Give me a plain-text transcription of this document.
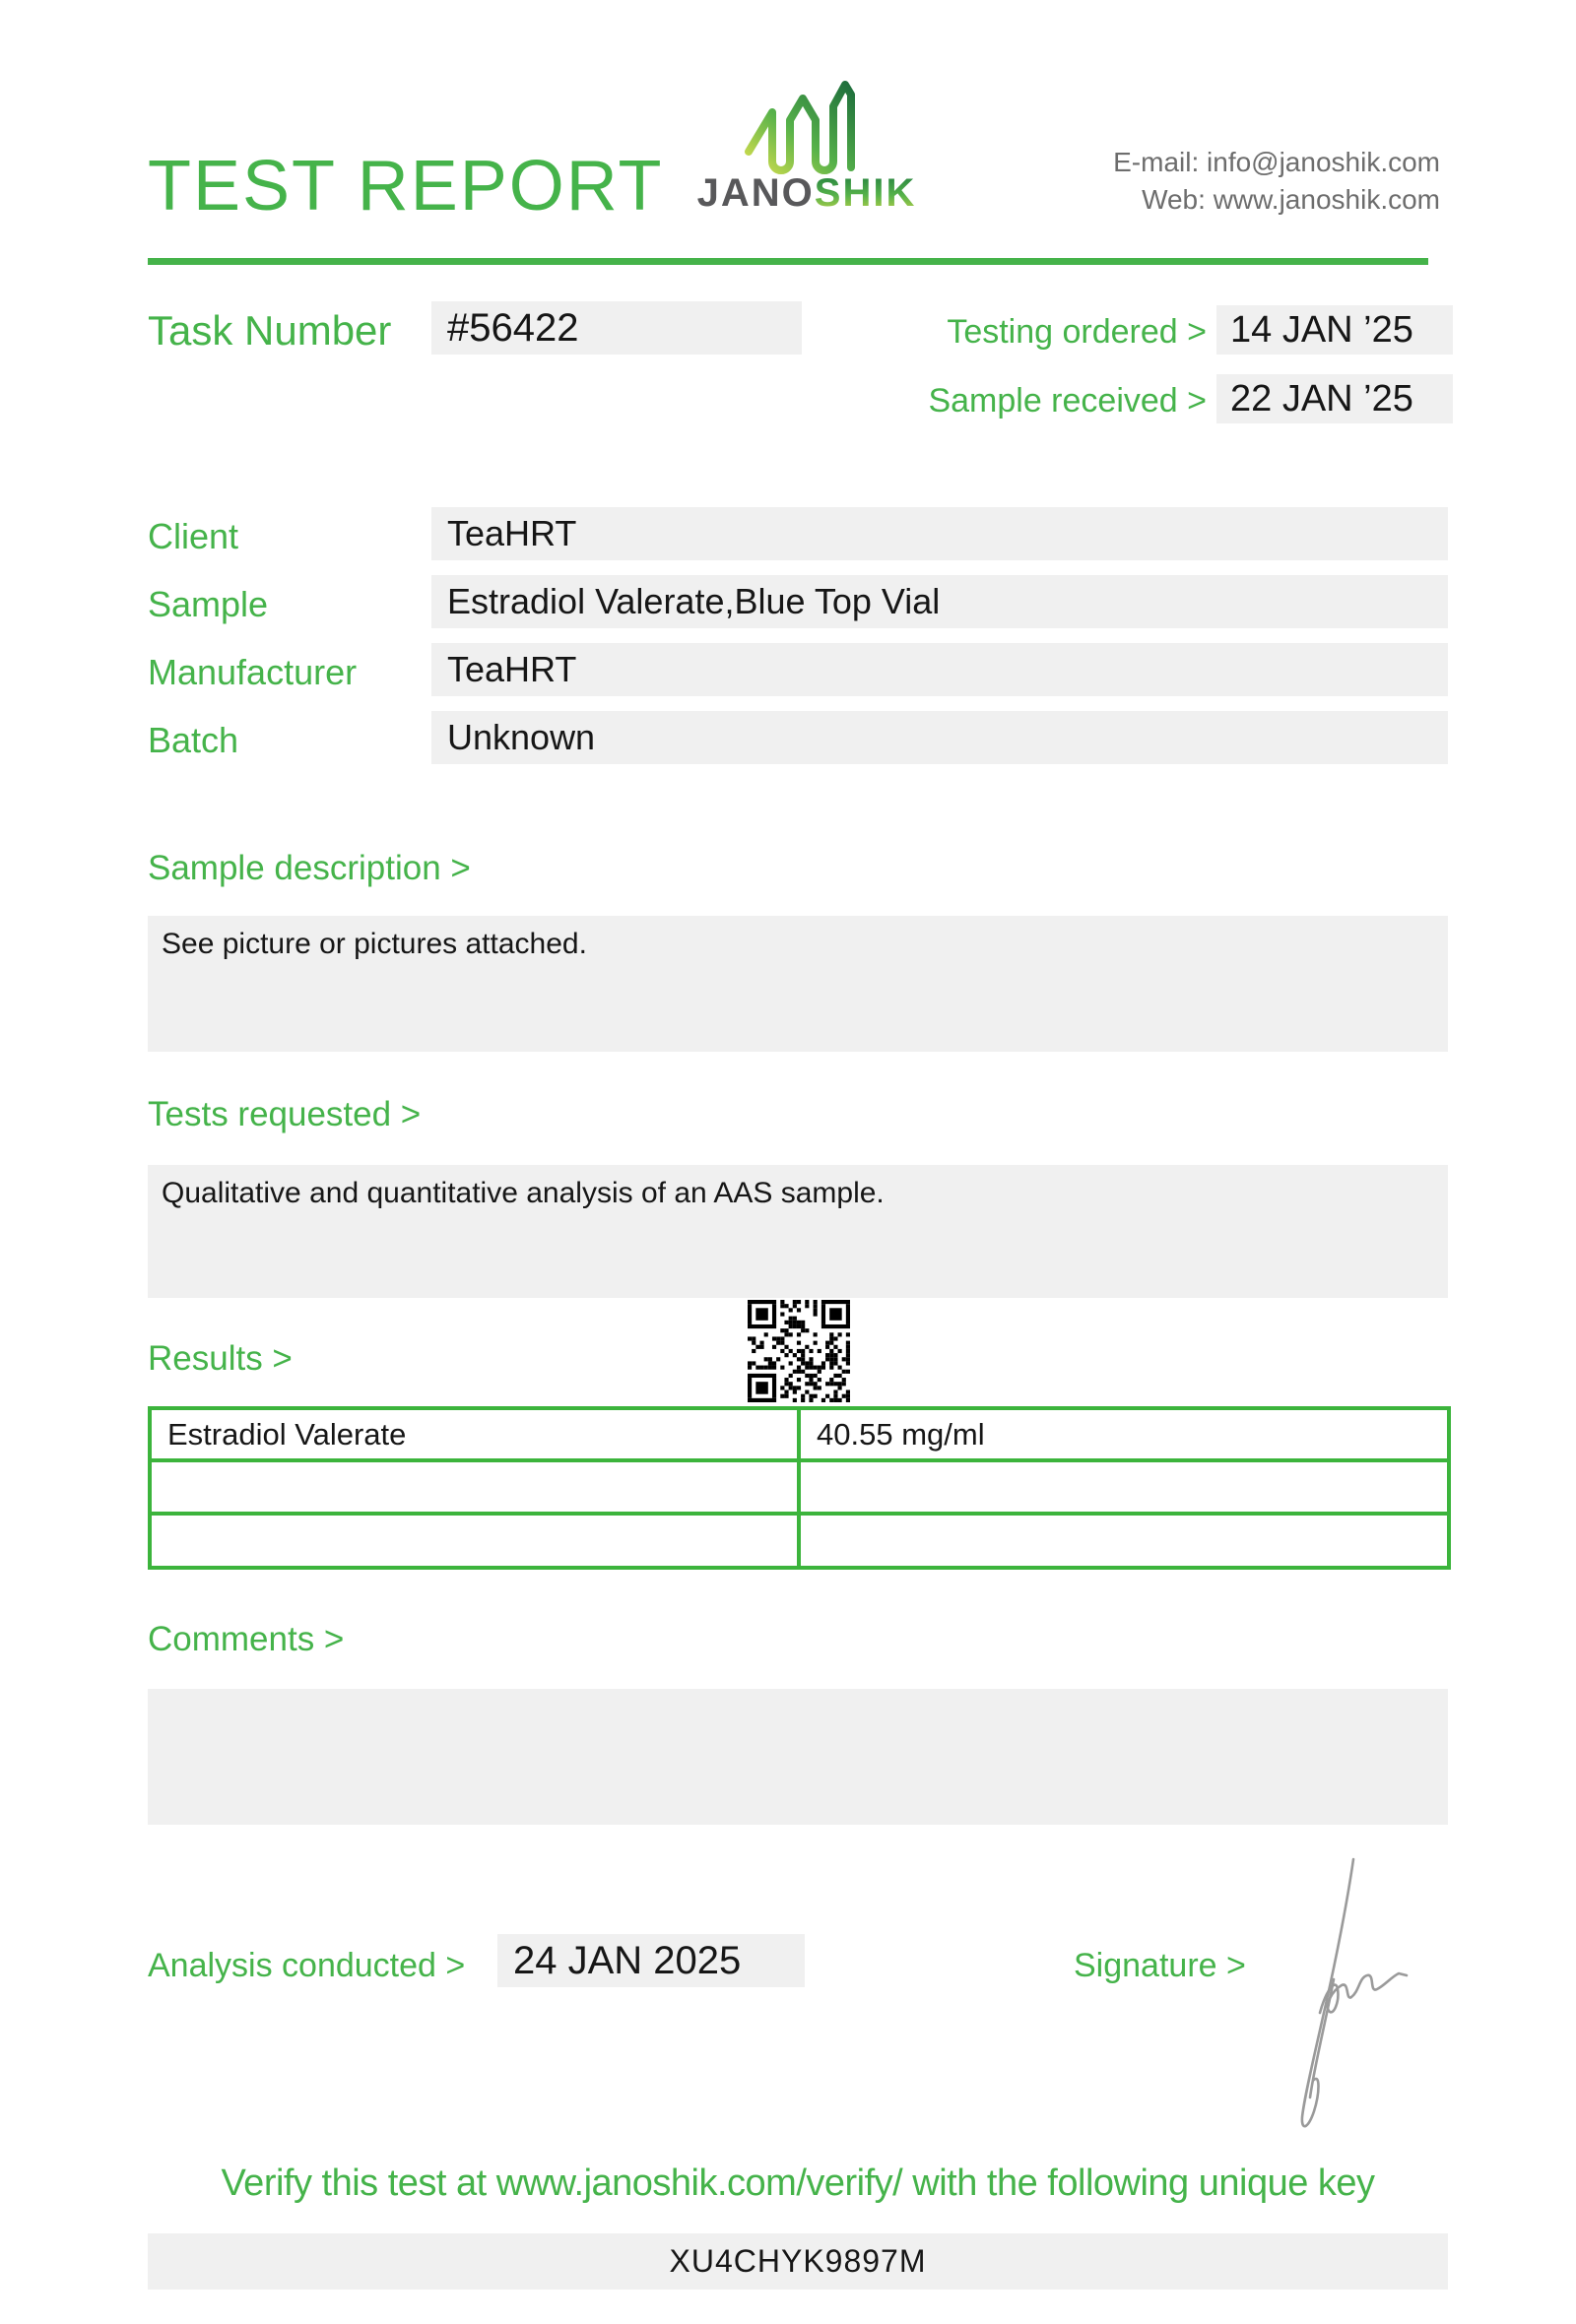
TEST REPORT JANOSHIK
E-mail: info@janoshik.com
Web: www.janoshik.com
Task Number	#56422	Testing ordered > 14 JAN ’25
Sample received > 22 JAN ’25
Client	TeaHRT
Sample	Estradiol Valerate,Blue Top Vial
Manufacturer	TeaHRT
Batch	Unknown
Sample description >
See picture or pictures attached.
Tests requested >
Qualitative and quantitative analysis of an AAS sample.
Results >
Estradiol Valerate	40.55 mg/ml

Comments >
Analysis conducted >	24 JAN 2025	Signature >
Verify this test at www.janoshik.com/verify/ with the following unique key
XU4CHYK9897M
